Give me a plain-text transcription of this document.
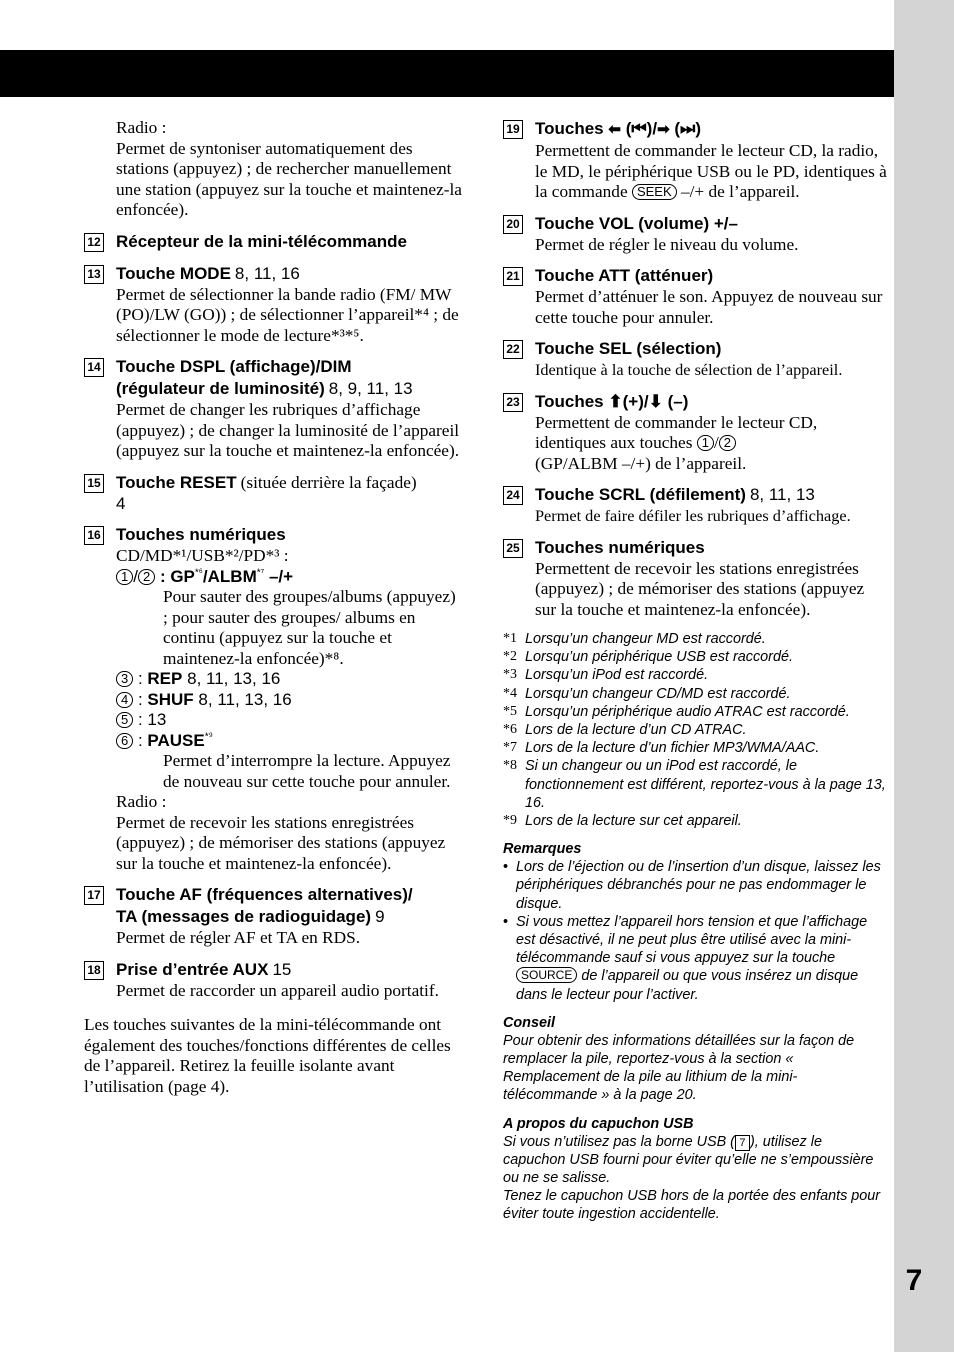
7
Radio :
Permet de syntoniser automatiquement des stations (appuyez) ; de rechercher manuellement une station (appuyez sur la touche et maintenez-la enfoncée).
12 Récepteur de la mini-télécommande
13 Touche MODE 8, 11, 16
Permet de sélectionner la bande radio (FM/ MW (PO)/LW (GO)) ; de sélectionner l’appareil*⁴ ; de sélectionner le mode de lecture*³*⁵.
14 Touche DSPL (affichage)/DIM
(régulateur de luminosité) 8, 9, 11, 13
Permet de changer les rubriques d’affichage (appuyez) ; de changer la luminosité de l’appareil (appuyez sur la touche et maintenez-la enfoncée).
15 Touche RESET (située derrière la façade)
4
16 Touches numériques
CD/MD*¹/USB*²/PD*³ :
1 / 2 : $GP^{*^6}/ALBM^{*^7}$ –/+
Pour sauter des groupes/albums (appuyez) ; pour sauter des groupes/ albums en continu (appuyez sur la touche et maintenez-la enfoncée)*⁸.
3 : REP 8, 11, 13, 16
4 : SHUF 8, 11, 13, 16
5 : 13
6 : $PAUSE^{*^9}$
Permet d’interrompre la lecture. Appuyez de nouveau sur cette touche pour annuler.
Radio :
Permet de recevoir les stations enregistrées (appuyez) ; de mémoriser des stations (appuyez sur la touche et maintenez-la enfoncée).
17 Touche AF (fréquences alternatives)/
TA (messages de radioguidage) 9
Permet de régler AF et TA en RDS.
18 Prise d’entrée AUX 15
Permet de raccorder un appareil audio portatif.
Les touches suivantes de la mini-télécommande ont également des touches/fonctions différentes de celles de l’appareil. Retirez la feuille isolante avant l’utilisation (page 4).
19 Touches ⬅ (⏮)/➡ (⏭)
Permettent de commander le lecteur CD, la radio, le MD, le périphérique USB ou le PD, identiques à la commande SEEK –/+ de l’appareil.
20 Touche VOL (volume) +/–
Permet de régler le niveau du volume.
21 Touche ATT (atténuer)
Permet d’atténuer le son. Appuyez de nouveau sur cette touche pour annuler.
22 Touche SEL (sélection)
Identique à la touche de sélection de l’appareil.
23 Touches ⬆(+)/⬇ (–)
Permettent de commander le lecteur CD, identiques aux touches 1 / 2
(GP/ALBM –/+) de l’appareil.
24 Touche SCRL (défilement) 8, 11, 13
Permet de faire défiler les rubriques d’affichage.
25 Touches numériques
Permettent de recevoir les stations enregistrées (appuyez) ; de mémoriser des stations (appuyez sur la touche et maintenez-la enfoncée).
*1 Lorsqu’un changeur MD est raccordé.
*2 Lorsqu’un périphérique USB est raccordé.
*3 Lorsqu’un iPod est raccordé.
*4 Lorsqu’un changeur CD/MD est raccordé.
*5 Lorsqu’un périphérique audio ATRAC est raccordé.
*6 Lors de la lecture d’un CD ATRAC.
*7 Lors de la lecture d’un fichier MP3/WMA/AAC.
*8 Si un changeur ou un iPod est raccordé, le fonctionnement est différent, reportez-vous à la page 13, 16.
*9 Lors de la lecture sur cet appareil.
Remarques
• Lors de l’éjection ou de l’insertion d’un disque, laissez les périphériques débranchés pour ne pas endommager le disque.
• Si vous mettez l’appareil hors tension et que l’affichage est désactivé, il ne peut plus être utilisé avec la mini-télécommande sauf si vous appuyez sur la touche SOURCE de l’appareil ou que vous insérez un disque dans le lecteur pour l’activer.
Conseil
Pour obtenir des informations détaillées sur la façon de remplacer la pile, reportez-vous à la section « Remplacement de la pile au lithium de la mini-télécommande » à la page 20.
A propos du capuchon USB
Si vous n’utilisez pas la borne USB ( 7 ), utilisez le capuchon USB fourni pour éviter qu’elle ne s’empoussière ou ne se salisse.
Tenez le capuchon USB hors de la portée des enfants pour éviter toute ingestion accidentelle.
